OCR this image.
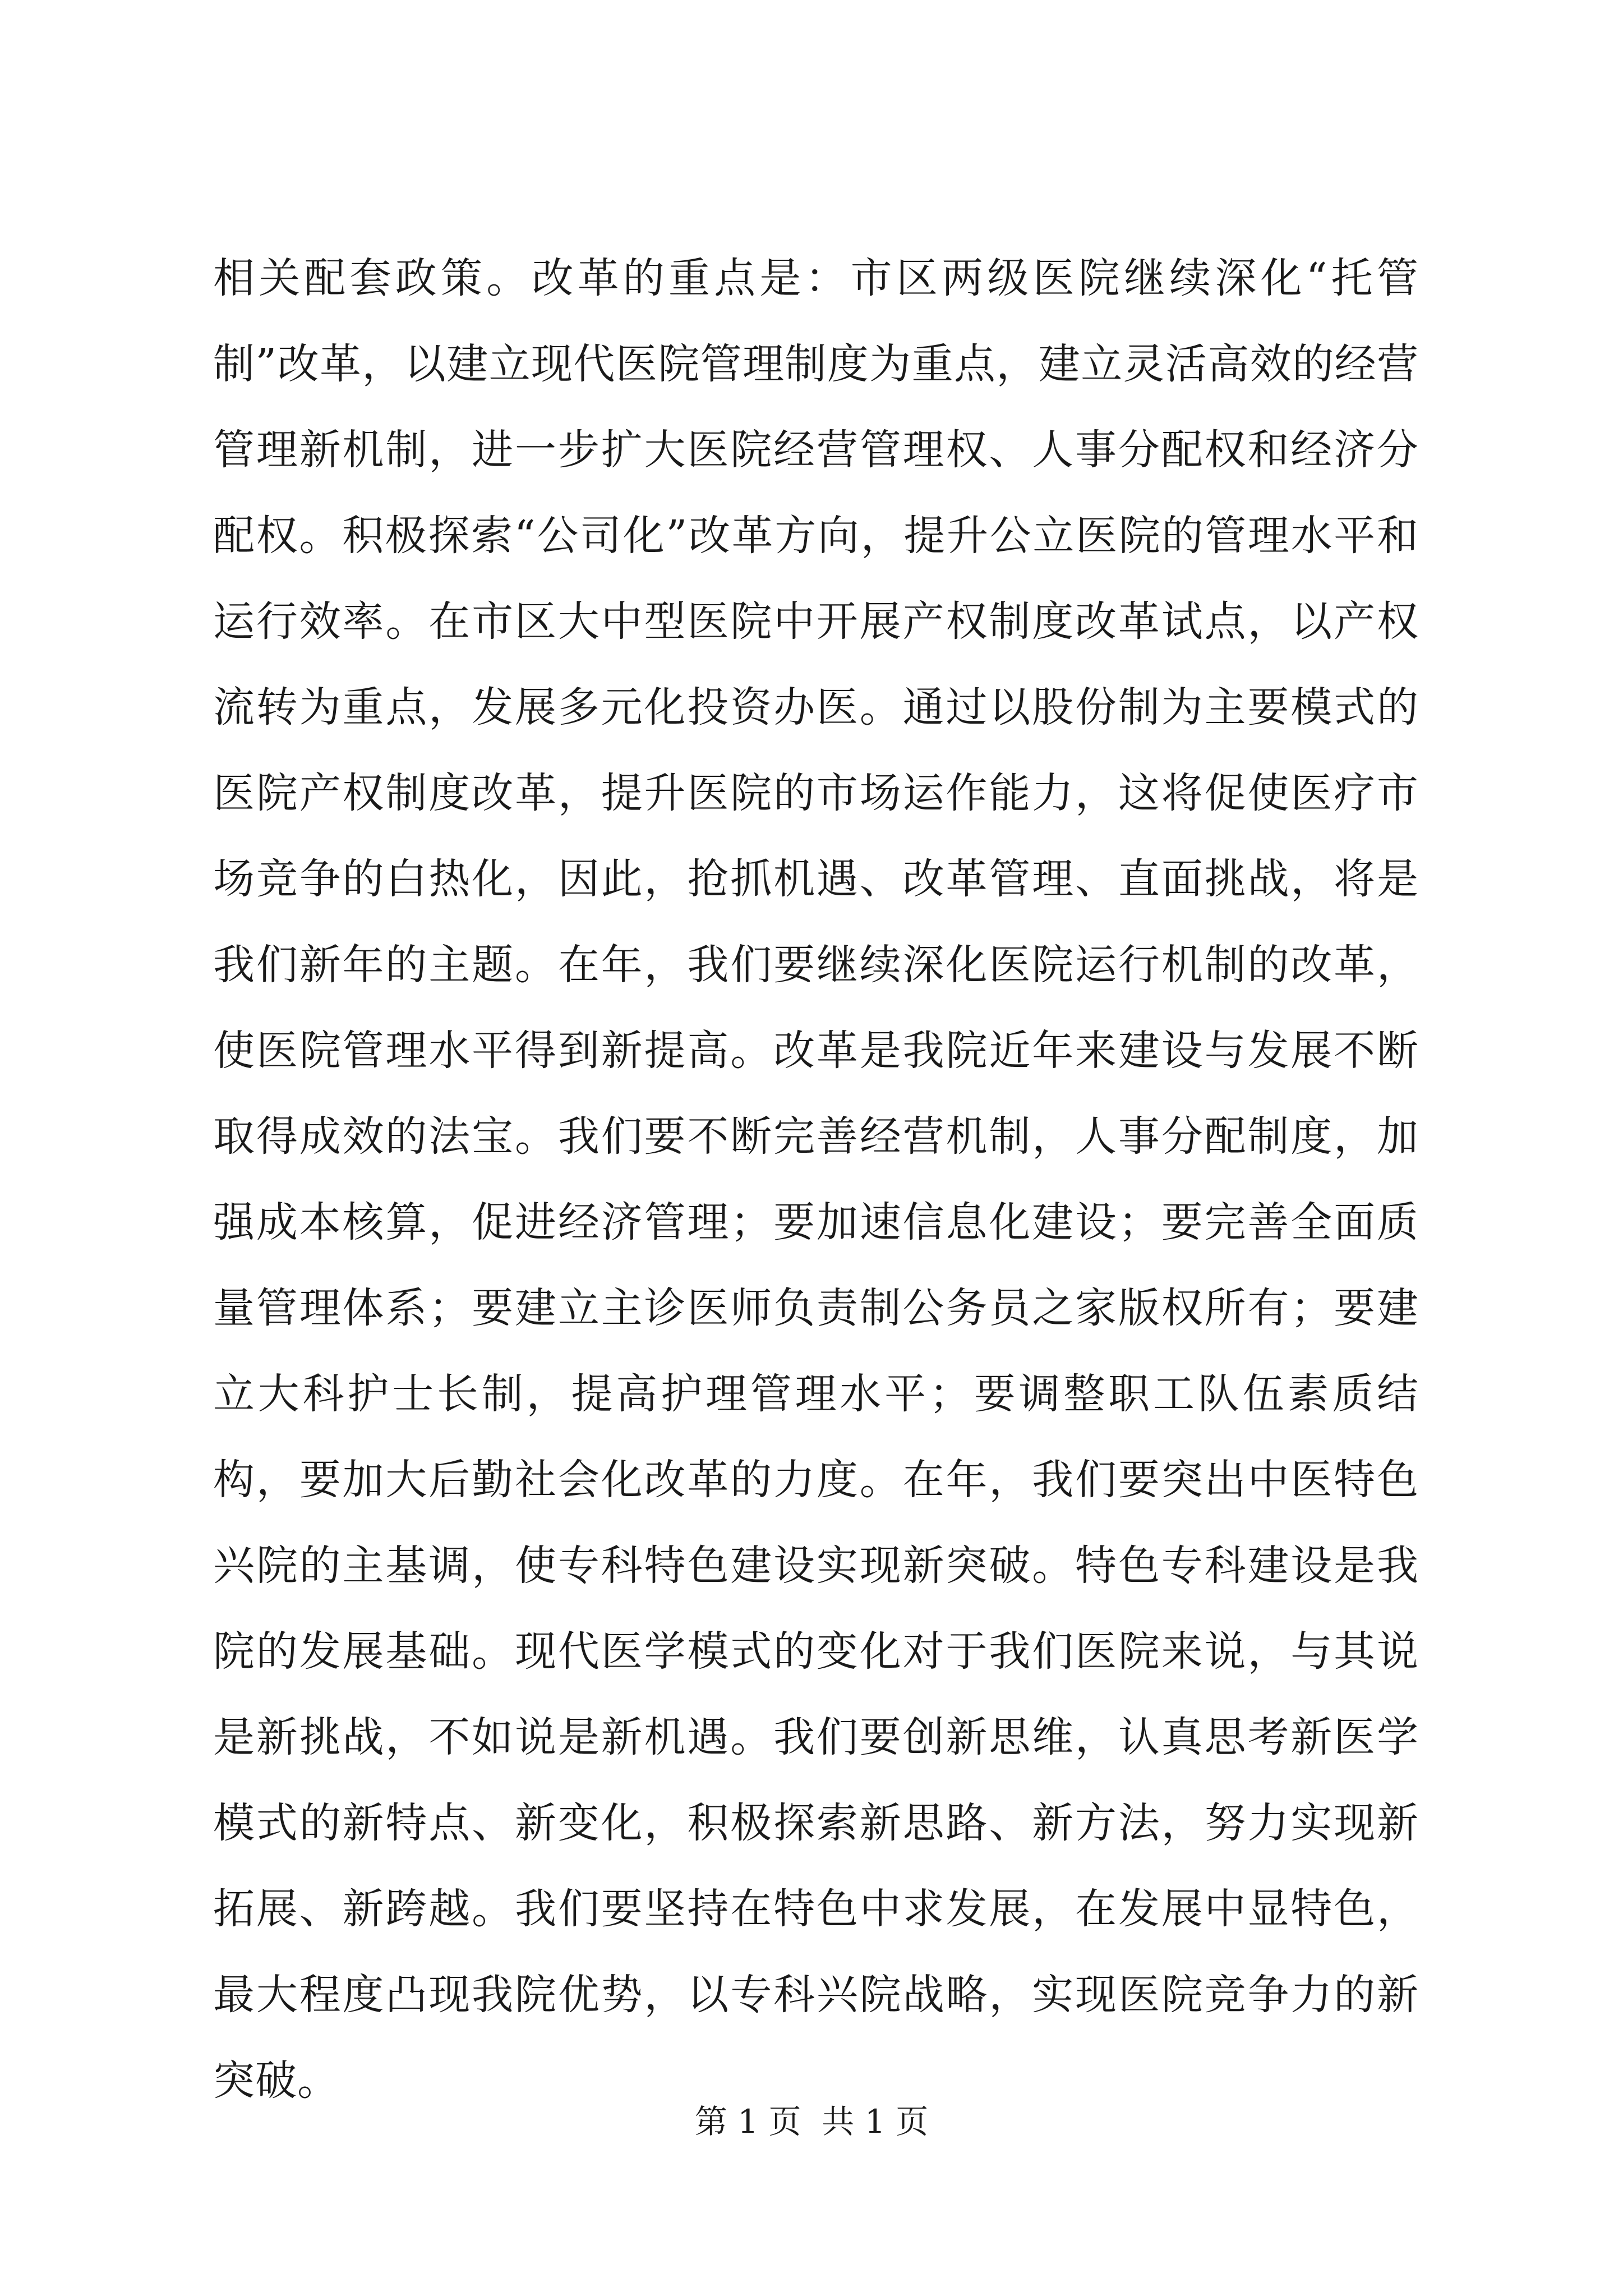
相关配套政策。改革的重点是：市区两级医院继续深化“托管制”改革，以建立现代医院管理制度为重点，建立灵活高效的经营管理新机制，进一步扩大医院经营管理权、人事分配权和经济分配权。积极探索“公司化”改革方向，提升公立医院的管理水平和运行效率。在市区大中型医院中开展产权制度改革试点，以产权流转为重点，发展多元化投资办医。通过以股份制为主要模式的医院产权制度改革，提升医院的市场运作能力，这将促使医疗市场竞争的白热化，因此，抢抓机遇、改革管理、直面挑战，将是我们新年的主题。在年，我们要继续深化医院运行机制的改革，使医院管理水平得到新提高。改革是我院近年来建设与发展不断取得成效的法宝。我们要不断完善经营机制，人事分配制度，加强成本核算，促进经济管理；要加速信息化建设；要完善全面质量管理体系；要建立主诊医师负责制公务员之家版权所有；要建立大科护士长制，提高护理管理水平；要调整职工队伍素质结构，要加大后勤社会化改革的力度。在年，我们要突出中医特色兴院的主基调，使专科特色建设实现新突破。特色专科建设是我院的发展基础。现代医学模式的变化对于我们医院来说，与其说是新挑战，不如说是新机遇。我们要创新思维，认真思考新医学模式的新特点、新变化，积极探索新思路、新方法，努力实现新拓展、新跨越。我们要坚持在特色中求发展，在发展中显特色，最大程度凸现我院优势，以专科兴院战略，实现医院竞争力的新突破。

第 1 页  共 1 页
